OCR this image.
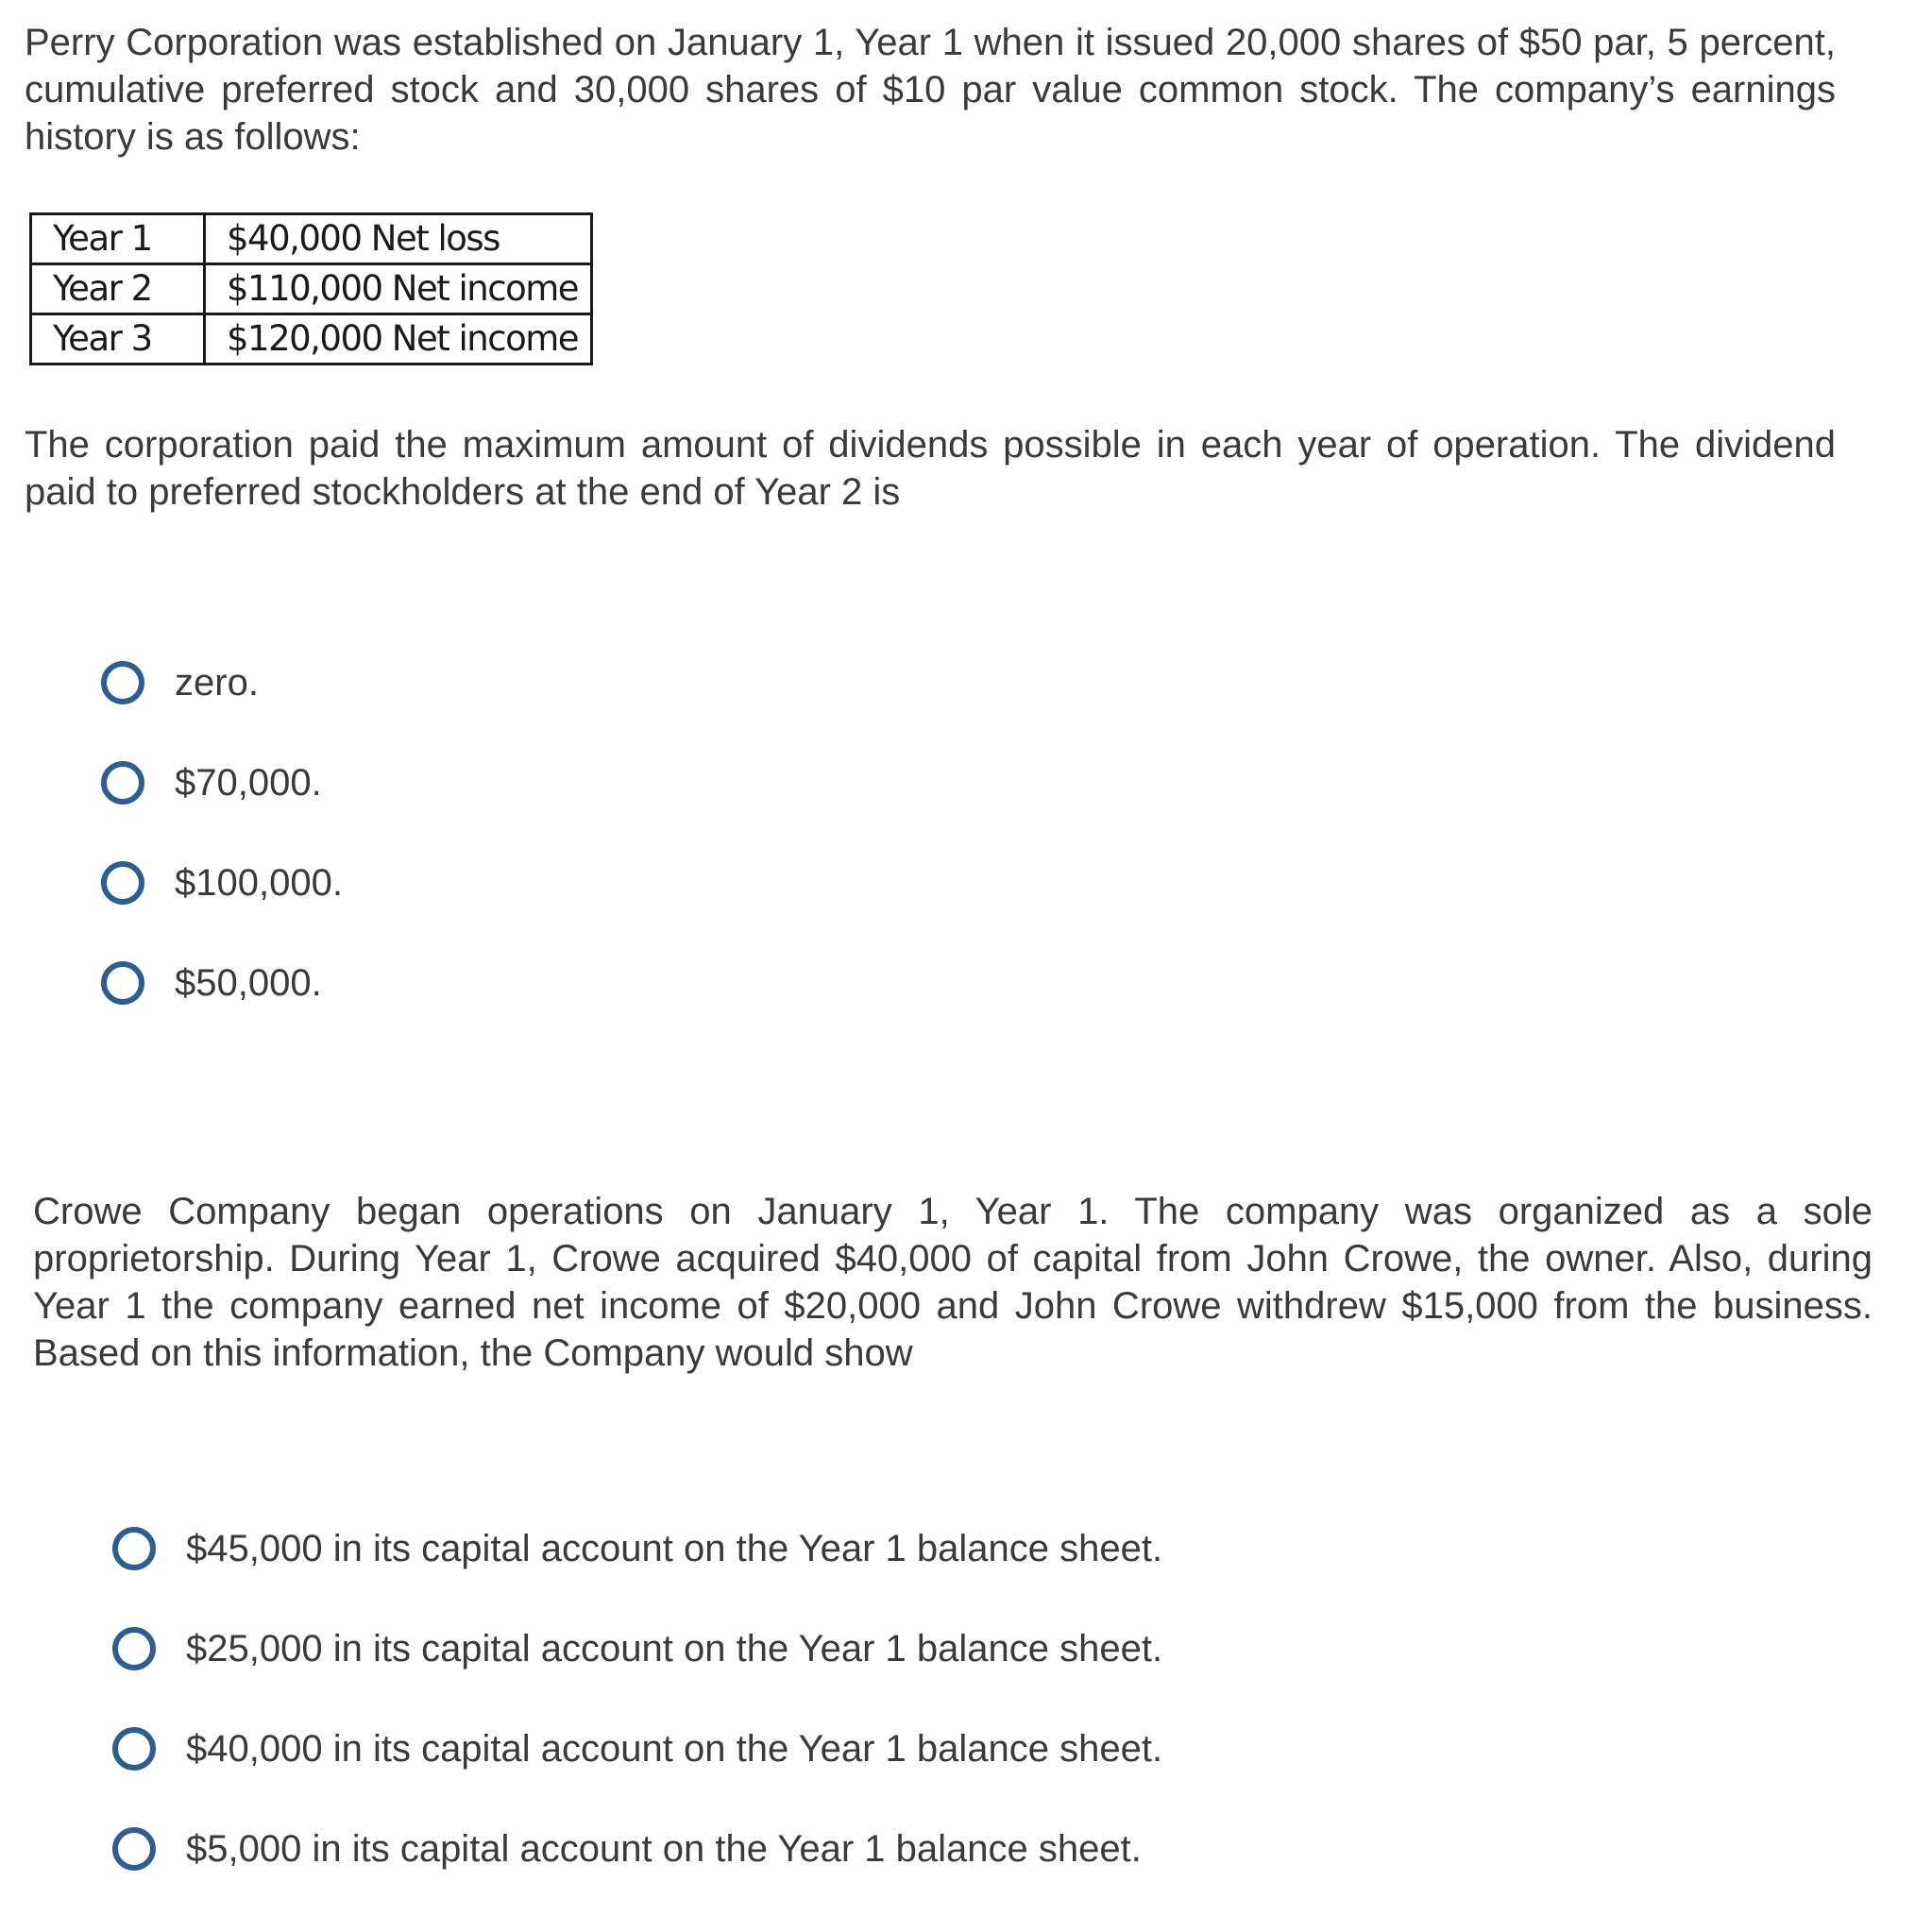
Perry Corporation was established on January 1, Year 1 when it issued 20,000 shares of $50 par, 5 percent, cumulative preferred stock and 30,000 shares of $10 par value common stock. The company’s earnings history is as follows:

Year 1	$40,000 Net loss
Year 2	$110,000 Net income
Year 3	$120,000 Net income

The corporation paid the maximum amount of dividends possible in each year of operation. The dividend paid to preferred stockholders at the end of Year 2 is

zero.
$70,000.
$100,000.
$50,000.

Crowe Company began operations on January 1, Year 1. The company was organized as a sole proprietorship. During Year 1, Crowe acquired $40,000 of capital from John Crowe, the owner. Also, during Year 1 the company earned net income of $20,000 and John Crowe withdrew $15,000 from the business. Based on this information, the Company would show

$45,000 in its capital account on the Year 1 balance sheet.
$25,000 in its capital account on the Year 1 balance sheet.
$40,000 in its capital account on the Year 1 balance sheet.
$5,000 in its capital account on the Year 1 balance sheet.
